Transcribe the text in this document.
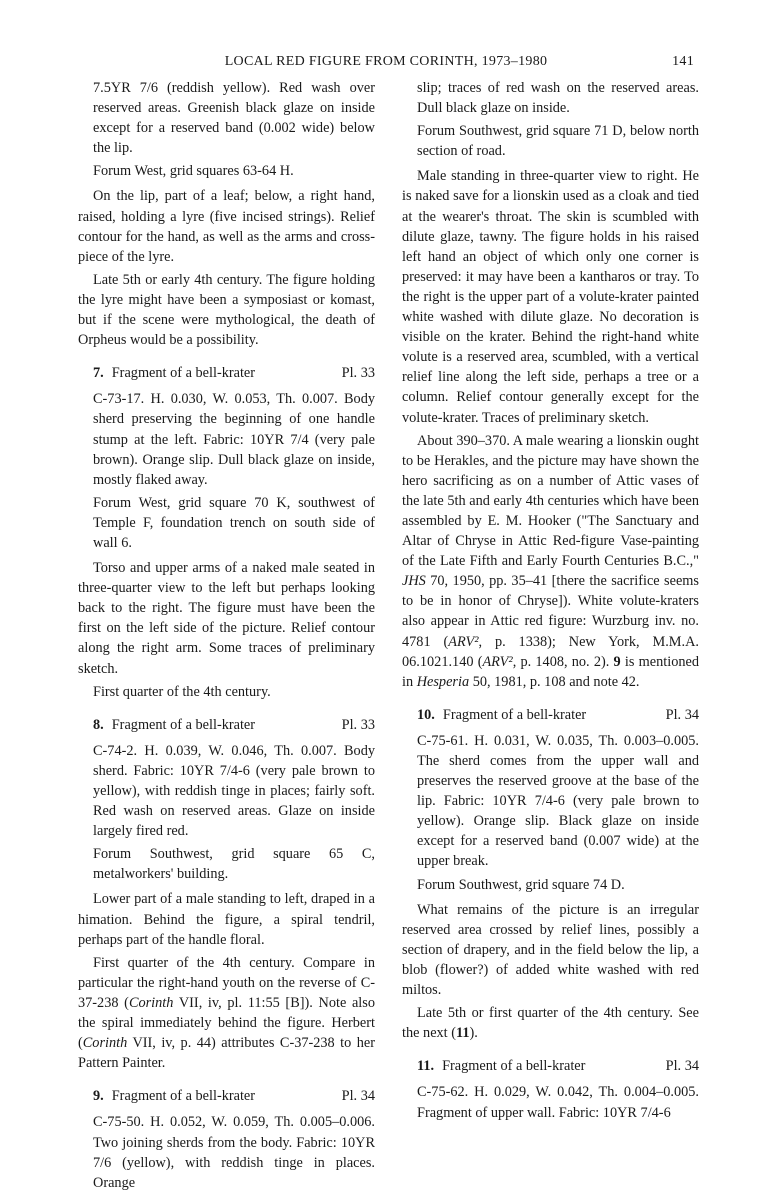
LOCAL RED FIGURE FROM CORINTH, 1973–1980	141

7.5YR 7/6 (reddish yellow). Red wash over reserved areas. Greenish black glaze on inside except for a reserved band (0.002 wide) below the lip.

Forum West, grid squares 63-64 H.

On the lip, part of a leaf; below, a right hand, raised, holding a lyre (five incised strings). Relief contour for the hand, as well as the arms and cross-piece of the lyre.

Late 5th or early 4th century. The figure holding the lyre might have been a symposiast or komast, but if the scene were mythological, the death of Orpheus would be a possibility.

7. Fragment of a bell-krater	Pl. 33

C-73-17. H. 0.030, W. 0.053, Th. 0.007. Body sherd preserving the beginning of one handle stump at the left. Fabric: 10YR 7/4 (very pale brown). Orange slip. Dull black glaze on inside, mostly flaked away.

Forum West, grid square 70 K, southwest of Temple F, foundation trench on south side of wall 6.

Torso and upper arms of a naked male seated in three-quarter view to the left but perhaps looking back to the right. The figure must have been the first on the left side of the picture. Relief contour along the right arm. Some traces of preliminary sketch.

First quarter of the 4th century.

8. Fragment of a bell-krater	Pl. 33

C-74-2. H. 0.039, W. 0.046, Th. 0.007. Body sherd. Fabric: 10YR 7/4-6 (very pale brown to yellow), with reddish tinge in places; fairly soft. Red wash on reserved areas. Glaze on inside largely fired red.

Forum Southwest, grid square 65 C, metalworkers' building.

Lower part of a male standing to left, draped in a himation. Behind the figure, a spiral tendril, perhaps part of the handle floral.

First quarter of the 4th century. Compare in particular the right-hand youth on the reverse of C-37-238 (Corinth VII, iv, pl. 11:55 [B]). Note also the spiral immediately behind the figure. Herbert (Corinth VII, iv, p. 44) attributes C-37-238 to her Pattern Painter.

9. Fragment of a bell-krater	Pl. 34

C-75-50. H. 0.052, W. 0.059, Th. 0.005–0.006. Two joining sherds from the body. Fabric: 10YR 7/6 (yellow), with reddish tinge in places. Orange

slip; traces of red wash on the reserved areas. Dull black glaze on inside.

Forum Southwest, grid square 71 D, below north section of road.

Male standing in three-quarter view to right. He is naked save for a lionskin used as a cloak and tied at the wearer's throat. The skin is scumbled with dilute glaze, tawny. The figure holds in his raised left hand an object of which only one corner is preserved: it may have been a kantharos or tray. To the right is the upper part of a volute-krater painted white washed with dilute glaze. No decoration is visible on the krater. Behind the right-hand white volute is a reserved area, scumbled, with a vertical relief line along the left side, perhaps a tree or a column. Relief contour generally except for the volute-krater. Traces of preliminary sketch.

About 390–370. A male wearing a lionskin ought to be Herakles, and the picture may have shown the hero sacrificing as on a number of Attic vases of the late 5th and early 4th centuries which have been assembled by E. M. Hooker ("The Sanctuary and Altar of Chryse in Attic Red-figure Vase-painting of the Late Fifth and Early Fourth Centuries B.C.," JHS 70, 1950, pp. 35–41 [there the sacrifice seems to be in honor of Chryse]). White volute-kraters also appear in Attic red figure: Wurzburg inv. no. 4781 (ARV², p. 1338); New York, M.M.A. 06.1021.140 (ARV², p. 1408, no. 2). 9 is mentioned in Hesperia 50, 1981, p. 108 and note 42.

10. Fragment of a bell-krater	Pl. 34

C-75-61. H. 0.031, W. 0.035, Th. 0.003–0.005. The sherd comes from the upper wall and preserves the reserved groove at the base of the lip. Fabric: 10YR 7/4-6 (very pale brown to yellow). Orange slip. Black glaze on inside except for a reserved band (0.007 wide) at the upper break.

Forum Southwest, grid square 74 D.

What remains of the picture is an irregular reserved area crossed by relief lines, possibly a section of drapery, and in the field below the lip, a blob (flower?) of added white washed with red miltos.

Late 5th or first quarter of the 4th century. See the next (11).

11. Fragment of a bell-krater	Pl. 34

C-75-62. H. 0.029, W. 0.042, Th. 0.004–0.005. Fragment of upper wall. Fabric: 10YR 7/4-6
